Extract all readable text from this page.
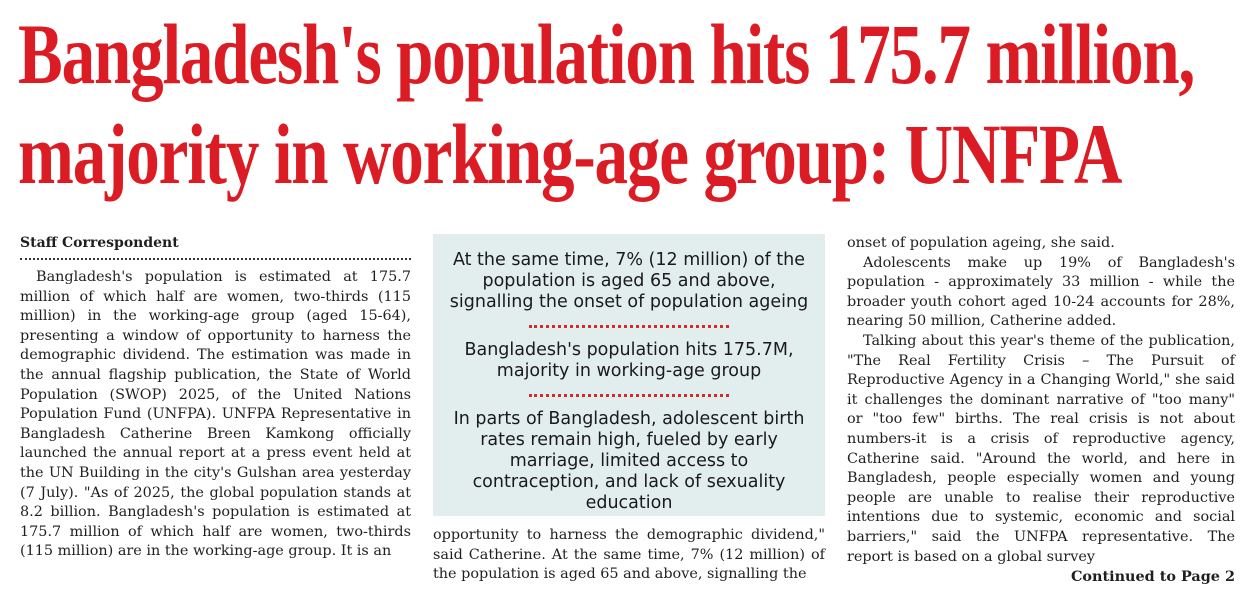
Bangladesh's population hits 175.7 million,
majority in working-age group: UNFPA

Staff Correspondent

Bangladesh's population is estimated at 175.7 million of which half are women, two-thirds (115 million) in the working-age group (aged 15-64), presenting a window of opportunity to harness the demographic dividend. The estimation was made in the annual flagship publication, the State of World Population (SWOP) 2025, of the United Nations Population Fund (UNFPA). UNFPA Representative in Bangladesh Catherine Breen Kamkong officially launched the annual report at a press event held at the UN Building in the city's Gulshan area yesterday (7 July). "As of 2025, the global population stands at 8.2 billion. Bangladesh's population is estimated at 175.7 million of which half are women, two-thirds (115 million) are in the working-age group. It is an

At the same time, 7% (12 million) of the population is aged 65 and above, signalling the onset of population ageing

Bangladesh's population hits 175.7M, majority in working-age group

In parts of Bangladesh, adolescent birth rates remain high, fueled by early marriage, limited access to contraception, and lack of sexuality education

opportunity to harness the demographic dividend," said Catherine. At the same time, 7% (12 million) of the population is aged 65 and above, signalling the

onset of population ageing, she said.

Adolescents make up 19% of Bangladesh's population - approximately 33 million - while the broader youth cohort aged 10-24 accounts for 28%, nearing 50 million, Catherine added.

Talking about this year's theme of the publication, "The Real Fertility Crisis – The Pursuit of Reproductive Agency in a Changing World," she said it challenges the dominant narrative of "too many" or "too few" births. The real crisis is not about numbers-it is a crisis of reproductive agency, Catherine said. "Around the world, and here in Bangladesh, people especially women and young people are unable to realise their reproductive intentions due to systemic, economic and social barriers," said the UNFPA representative. The report is based on a global survey
Continued to Page 2
